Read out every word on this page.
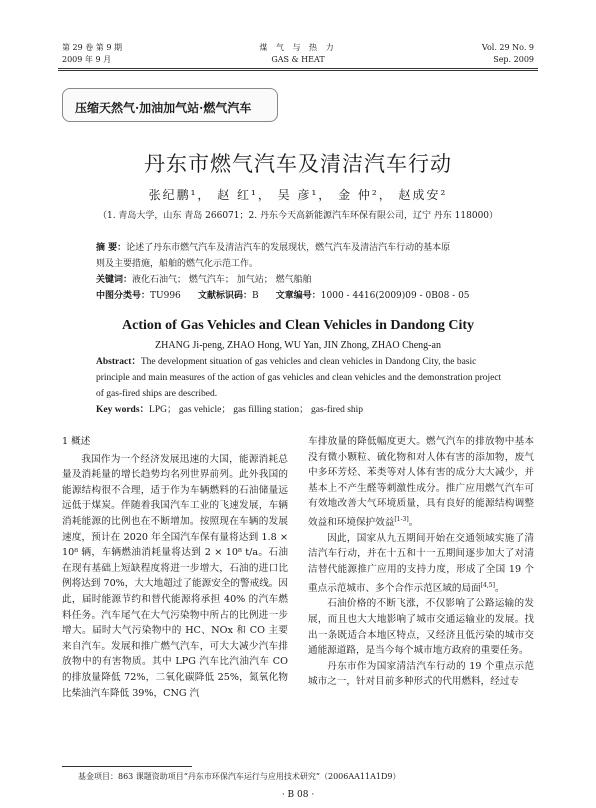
第 29 卷 第 9 期
2009 年 9 月
煤 气 与 热 力
GAS & HEAT
Vol. 29 No. 9
Sep. 2009
压缩天然气·加油加气站·燃气汽车
丹东市燃气汽车及清洁汽车行动
张纪鹏¹， 赵 红¹， 吴 彦¹， 金 仲²， 赵成安²
（1. 青岛大学，山东 青岛 266071；2. 丹东今天高新能源汽车环保有限公司，辽宁 丹东 118000）
摘 要：论述了丹东市燃气汽车及清洁汽车的发展现状，燃气汽车及清洁汽车行动的基本原
则及主要措施，船舶的燃气化示范工作。
关键词：液化石油气； 燃气汽车； 加气站； 燃气船舶
中图分类号：TU996 文献标识码：B 文章编号：1000 - 4416(2009)09 - 0B08 - 05
Action of Gas Vehicles and Clean Vehicles in Dandong City
ZHANG Ji-peng, ZHAO Hong, WU Yan, JIN Zhong, ZHAO Cheng-an
Abstract：The development situation of gas vehicles and clean vehicles in Dandong City, the basic
principle and main measures of the action of gas vehicles and clean vehicles and the demonstration project
of gas-fired ships are described.
Key words：LPG； gas vehicle； gas filling station； gas-fired ship
1 概述

我国作为一个经济发展迅速的大国，能源消耗总量及消耗量的增长趋势均名列世界前列。此外我国的能源结构很不合理，适于作为车辆燃料的石油储量远远低于煤炭。伴随着我国汽车工业的飞速发展，车辆消耗能源的比例也在不断增加。按照现在车辆的发展速度，预计在 2020 年全国汽车保有量将达到 1.8 × 10⁸ 辆，车辆燃油消耗量将达到 2 × 10⁸ t/a。石油在现有基础上短缺程度将进一步增大，石油的进口比例将达到 70%，大大地超过了能源安全的警戒线。因此，届时能源节约和替代能源将承担 40% 的汽车燃料任务。汽车尾气在大气污染物中所占的比例进一步增大。届时大气污染物中的 HC、NOx 和 CO 主要来自汽车。发展和推广燃气汽车，可大大减少汽车排放物中的有害物质。其中 LPG 汽车比汽油汽车 CO 的排放量降低 72%，二氧化碳降低 25%，氮氧化物比柴油汽车降低 39%，CNG 汽

车排放量的降低幅度更大。燃气汽车的排放物中基本没有微小颗粒、硫化物和对人体有害的添加物，废气中多环芳烃、苯类等对人体有害的成分大大减少，并基本上不产生醛等刺激性成分。推广应用燃气汽车可有效地改善大气环境质量，具有良好的能源结构调整效益和环境保护效益[1-3]。

因此，国家从九五期间开始在交通领域实施了清洁汽车行动，并在十五和十一五期间逐步加大了对清洁替代能源推广应用的支持力度，形成了全国 19 个重点示范城市、多个合作示范区域的局面[4,5]。

石油价格的不断飞涨，不仅影响了公路运输的发展，而且也大大地影响了城市交通运输业的发展。找出一条既适合本地区特点，又经济且低污染的城市交通能源道路，是当今每个城市地方政府的重要任务。

丹东市作为国家清洁汽车行动的 19 个重点示范城市之一，针对目前多种形式的代用燃料，经过专

基金项目：863 课题资助项目“丹东市环保汽车运行与应用技术研究”（2006AA11A1D9）
· B 08 ·
